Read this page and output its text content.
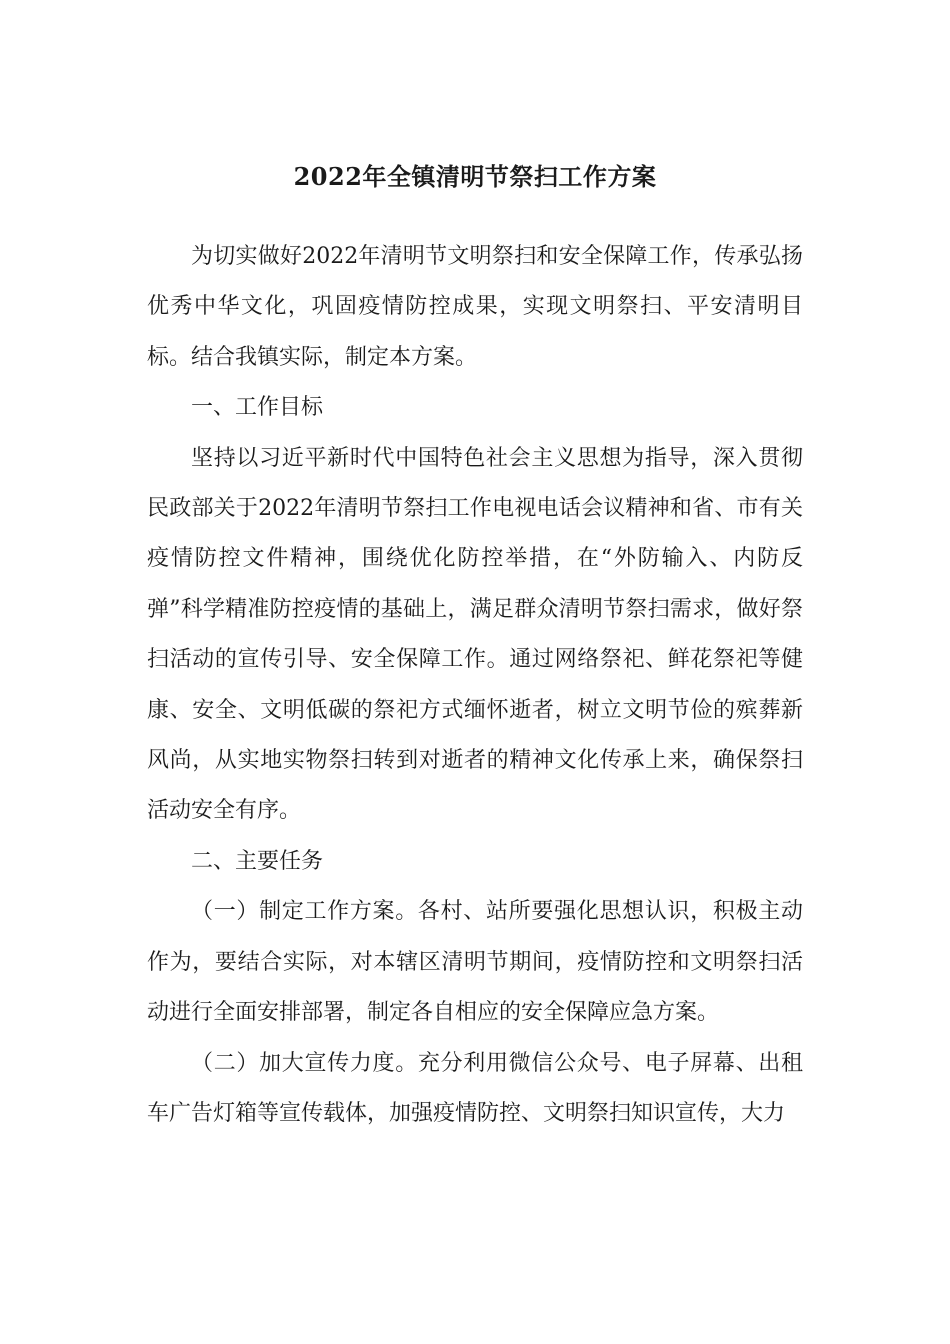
2022年全镇清明节祭扫工作方案

为切实做好2022年清明节文明祭扫和安全保障工作，传承弘扬优秀中华文化，巩固疫情防控成果，实现文明祭扫、平安清明目标。结合我镇实际，制定本方案。

一、工作目标

坚持以习近平新时代中国特色社会主义思想为指导，深入贯彻民政部关于2022年清明节祭扫工作电视电话会议精神和省、市有关疫情防控文件精神，围绕优化防控举措，在“外防输入、内防反弹”科学精准防控疫情的基础上，满足群众清明节祭扫需求，做好祭扫活动的宣传引导、安全保障工作。通过网络祭祀、鲜花祭祀等健康、安全、文明低碳的祭祀方式缅怀逝者，树立文明节俭的殡葬新风尚，从实地实物祭扫转到对逝者的精神文化传承上来，确保祭扫活动安全有序。

二、主要任务

（一）制定工作方案。各村、站所要强化思想认识，积极主动作为，要结合实际，对本辖区清明节期间，疫情防控和文明祭扫活动进行全面安排部署，制定各自相应的安全保障应急方案。

（二）加大宣传力度。充分利用微信公众号、电子屏幕、出租车广告灯箱等宣传载体，加强疫情防控、文明祭扫知识宣传，大力
